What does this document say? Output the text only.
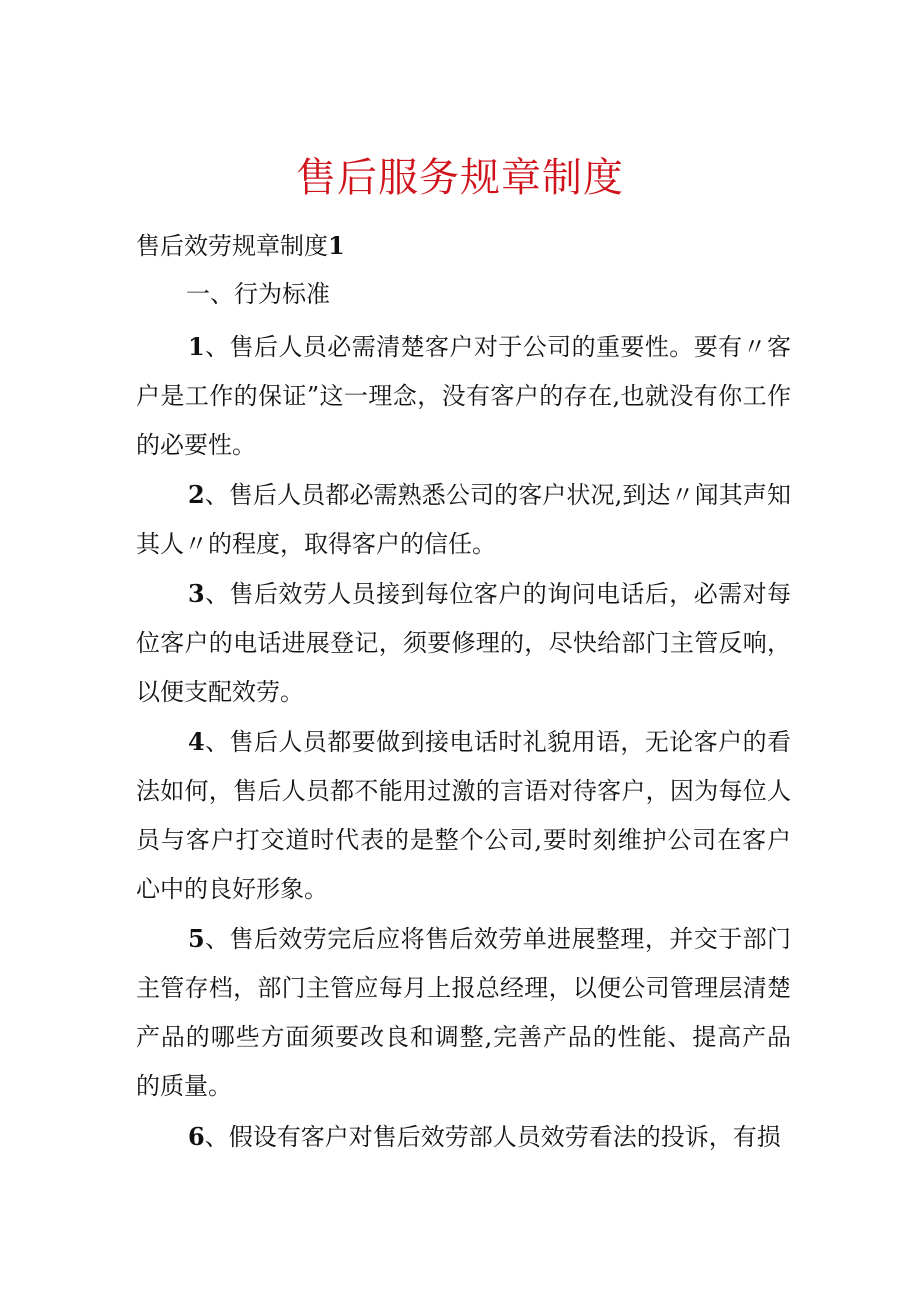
售后服务规章制度

售后效劳规章制度1

一、行为标准

1、售后人员必需清楚客户对于公司的重要性。要有〃客户是工作的保证”这一理念，没有客户的存在,也就没有你工作的必要性。

2、售后人员都必需熟悉公司的客户状况,到达〃闻其声知其人〃的程度，取得客户的信任。

3、售后效劳人员接到每位客户的询问电话后，必需对每位客户的电话进展登记，须要修理的，尽快给部门主管反响，以便支配效劳。

4、售后人员都要做到接电话时礼貌用语，无论客户的看法如何，售后人员都不能用过激的言语对待客户，因为每位人员与客户打交道时代表的是整个公司,要时刻维护公司在客户心中的良好形象。

5、售后效劳完后应将售后效劳单进展整理，并交于部门主管存档，部门主管应每月上报总经理，以便公司管理层清楚产品的哪些方面须要改良和调整,完善产品的性能、提高产品的质量。

6、假设有客户对售后效劳部人员效劳看法的投诉，有损
